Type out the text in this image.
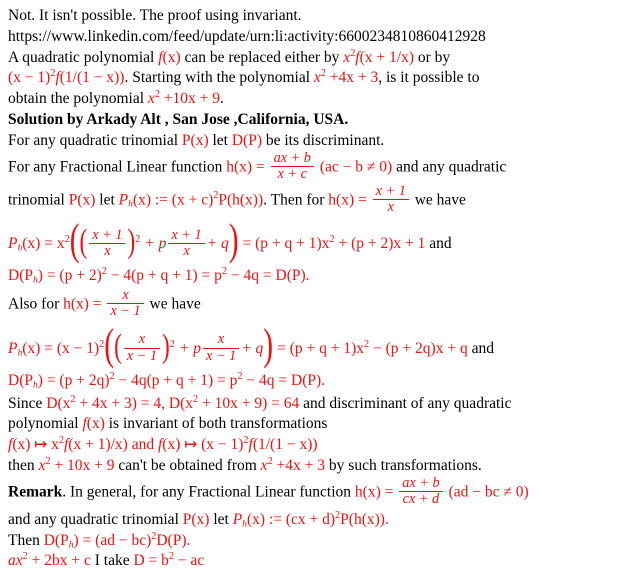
Not. It isn't possible. The proof using invariant.
https://www.linkedin.com/feed/update/urn:li:activity:6600234810860412928
A quadratic polynomial f(x) can be replaced either by $x^2f(x + 1/x)$ or by
$(x - 1)^2f(1/(1 - x))$. Starting with the polynomial $x^2 +4x + 3$, is it possible to
obtain the polynomial $x^2 +10x + 9$.
Solution by Arkady Alt , San Jose ,California, USA.
For any quadratic trinomial P(x) let D(P) be its discriminant.
For any Fractional Linear function $h(x) = \frac{ax + b}{x + c} (ac - b \ne 0)$ and any quadratic
trinomial P(x) let $P_h(x)$ := $(x + c)^2P(h(x))$. Then for $h(x) = \frac{x + 1}{x}$ we have
$P_h(x) = x^2(( \frac{x + 1}{x} )^2 + p \frac{x + 1}{x} + q) = (p + q + 1)x^2 + (p + 2)x + 1$ and
$D(P_h) = (p + 2)^2 - 4(p + q + 1) = p^2 - 4q = D(P)$.
Also for $h(x) = \frac{x}{x - 1}$ we have
$P_h(x) = (x - 1)^2(( \frac{x}{x - 1} )^2 + p \frac{x}{x - 1} + q) = (p + q + 1)x^2 - (p + 2q)x + q$ and
$D(P_h) = (p + 2q)^2 - 4q(p + q + 1) = p^2 - 4q = D(P)$.
Since $D(x^2 + 4x + 3) = 4$, $D(x^2 + 10x + 9) = 64$ and discriminant of any quadratic
polynomial f(x) is invariant of both transformations
f(x) ↦ $x^2f(x + 1)/x$) and f(x) ↦ $(x - 1)^2f(1/(1 - x))$
then $x^2 + 10x + 9$ can't be obtained from $x^2 +4x + 3$ by such transformations.
Remark. In general, for any Fractional Linear function $h(x) = \frac{ax + b}{cx + d} (ad$ − bc ≠ 0)
and any quadratic trinomial P(x) let $P_h(x)$ := (cx + d)$^2$P(h(x)).
Then $D(P_h) = (ad - bc)^2D(P)$.
$ax^2 + 2bx + c$ I take $D = b^2$ − ac
